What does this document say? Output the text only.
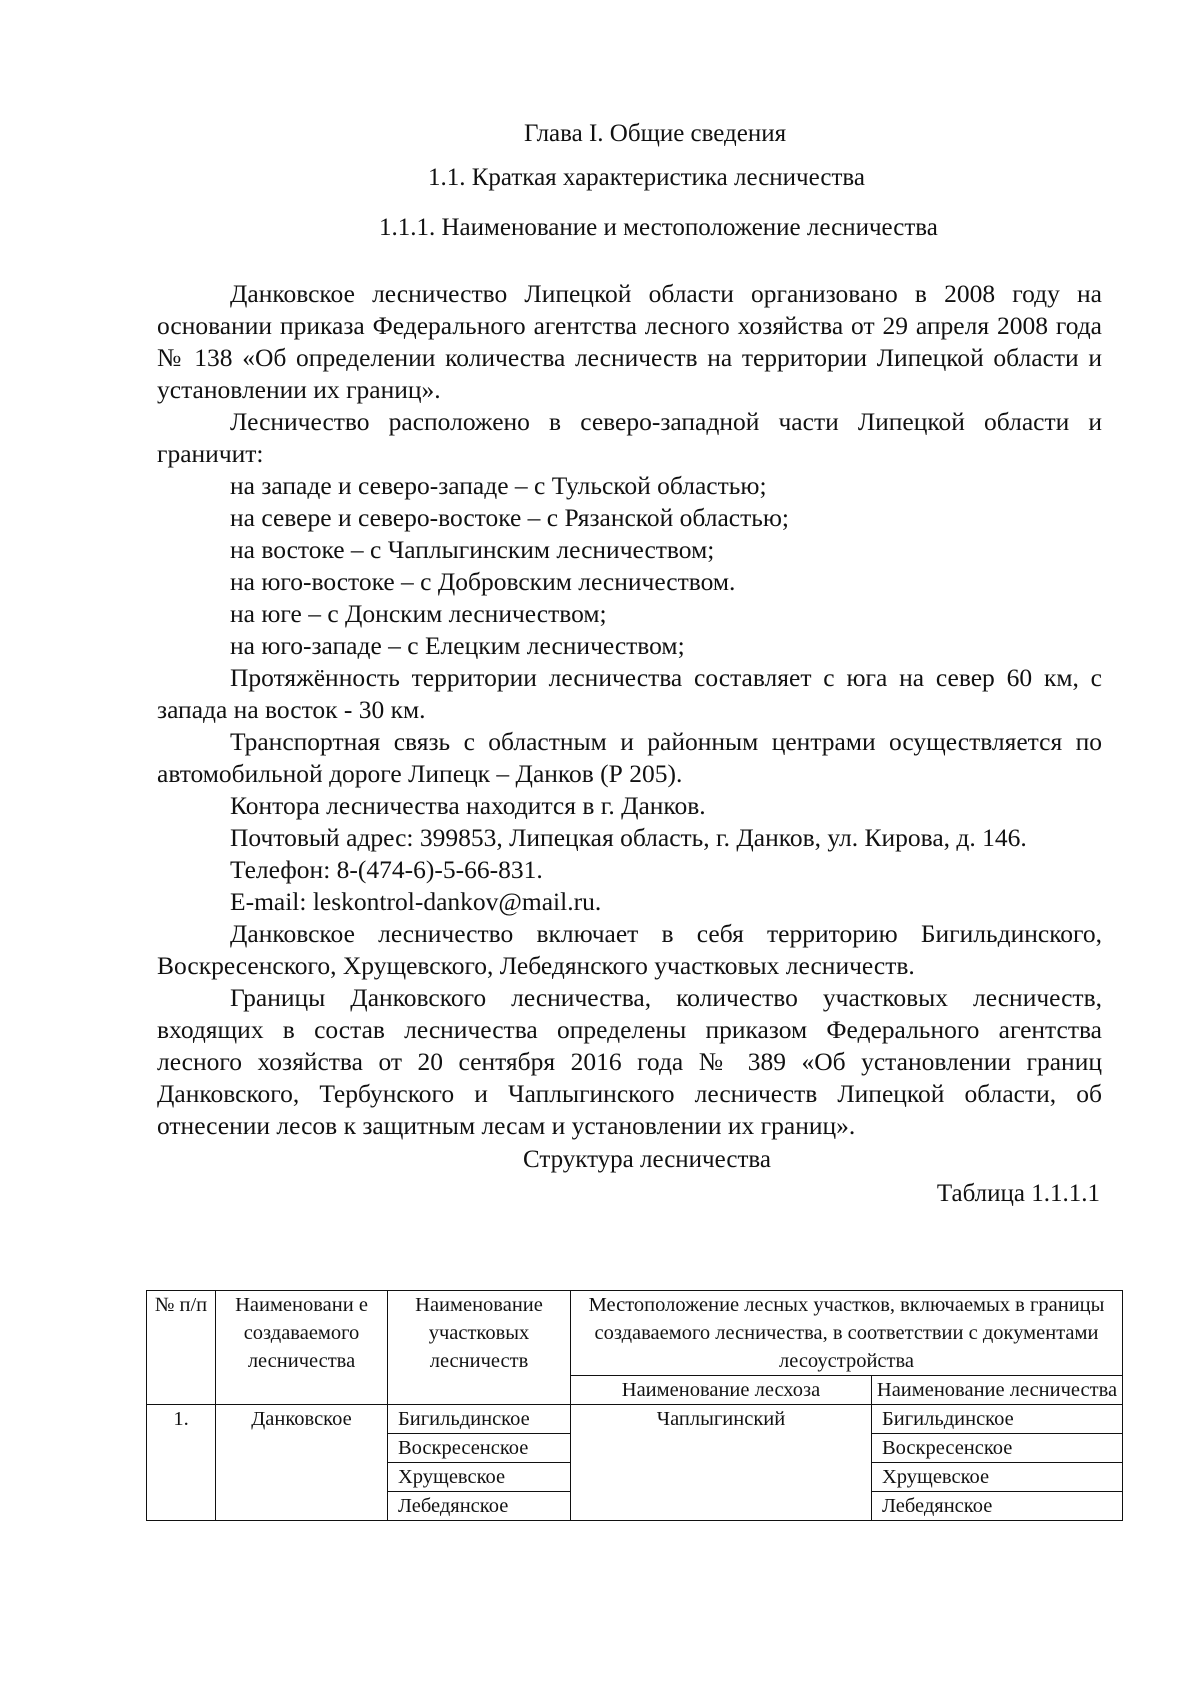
Глава I. Общие сведения
1.1. Краткая характеристика лесничества
1.1.1. Наименование и местоположение лесничества

Данковское лесничество Липецкой области организовано в 2008 году на основании приказа Федерального агентства лесного хозяйства от 29 апреля 2008 года № 138 «Об определении количества лесничеств на территории Липецкой области и установлении их границ».

Лесничество расположено в северо-западной части Липецкой области и граничит:

на западе и северо-западе – с Тульской областью;

на севере и северо-востоке – с Рязанской областью;

на востоке – с Чаплыгинским лесничеством;

на юго-востоке – с Добровским лесничеством.

на юге – с Донским лесничеством;

на юго-западе – с Елецким лесничеством;

Протяжённость территории лесничества составляет с юга на север 60 км, с запада на восток - 30 км.

Транспортная связь с областным и районным центрами осуществляется по автомобильной дороге Липецк – Данков (Р 205).

Контора лесничества находится в г. Данков.

Почтовый адрес: 399853, Липецкая область, г. Данков, ул. Кирова, д. 146.

Телефон: 8-(474-6)-5-66-831.

E-mail: leskontrol-dankov@mail.ru.

Данковское лесничество включает в себя территорию Бигильдинского, Воскресенского, Хрущевского, Лебедянского участковых лесничеств.

Границы Данковского лесничества, количество участковых лесничеств, входящих в состав лесничества определены приказом Федерального агентства лесного хозяйства от 20 сентября 2016 года № 389 «Об установлении границ Данковского, Тербунского и Чаплыгинского лесничеств Липецкой области, об отнесении лесов к защитным лесам и установлении их границ».

Структура лесничества
Таблица 1.1.1.1
№ п/п	Наименовани е создаваемого лесничества	Наименование участковых лесничеств	Местоположение лесных участков, включаемых в границы создаваемого лесничества, в соответствии с документами лесоустройства	
			Наименование лесхоза	Наименование лесничества
1.	Данковское	Бигильдинское	Чаплыгинский	Бигильдинское
		Воскресенское		Воскресенское
		Хрущевское		Хрущевское
		Лебедянское		Лебедянское
